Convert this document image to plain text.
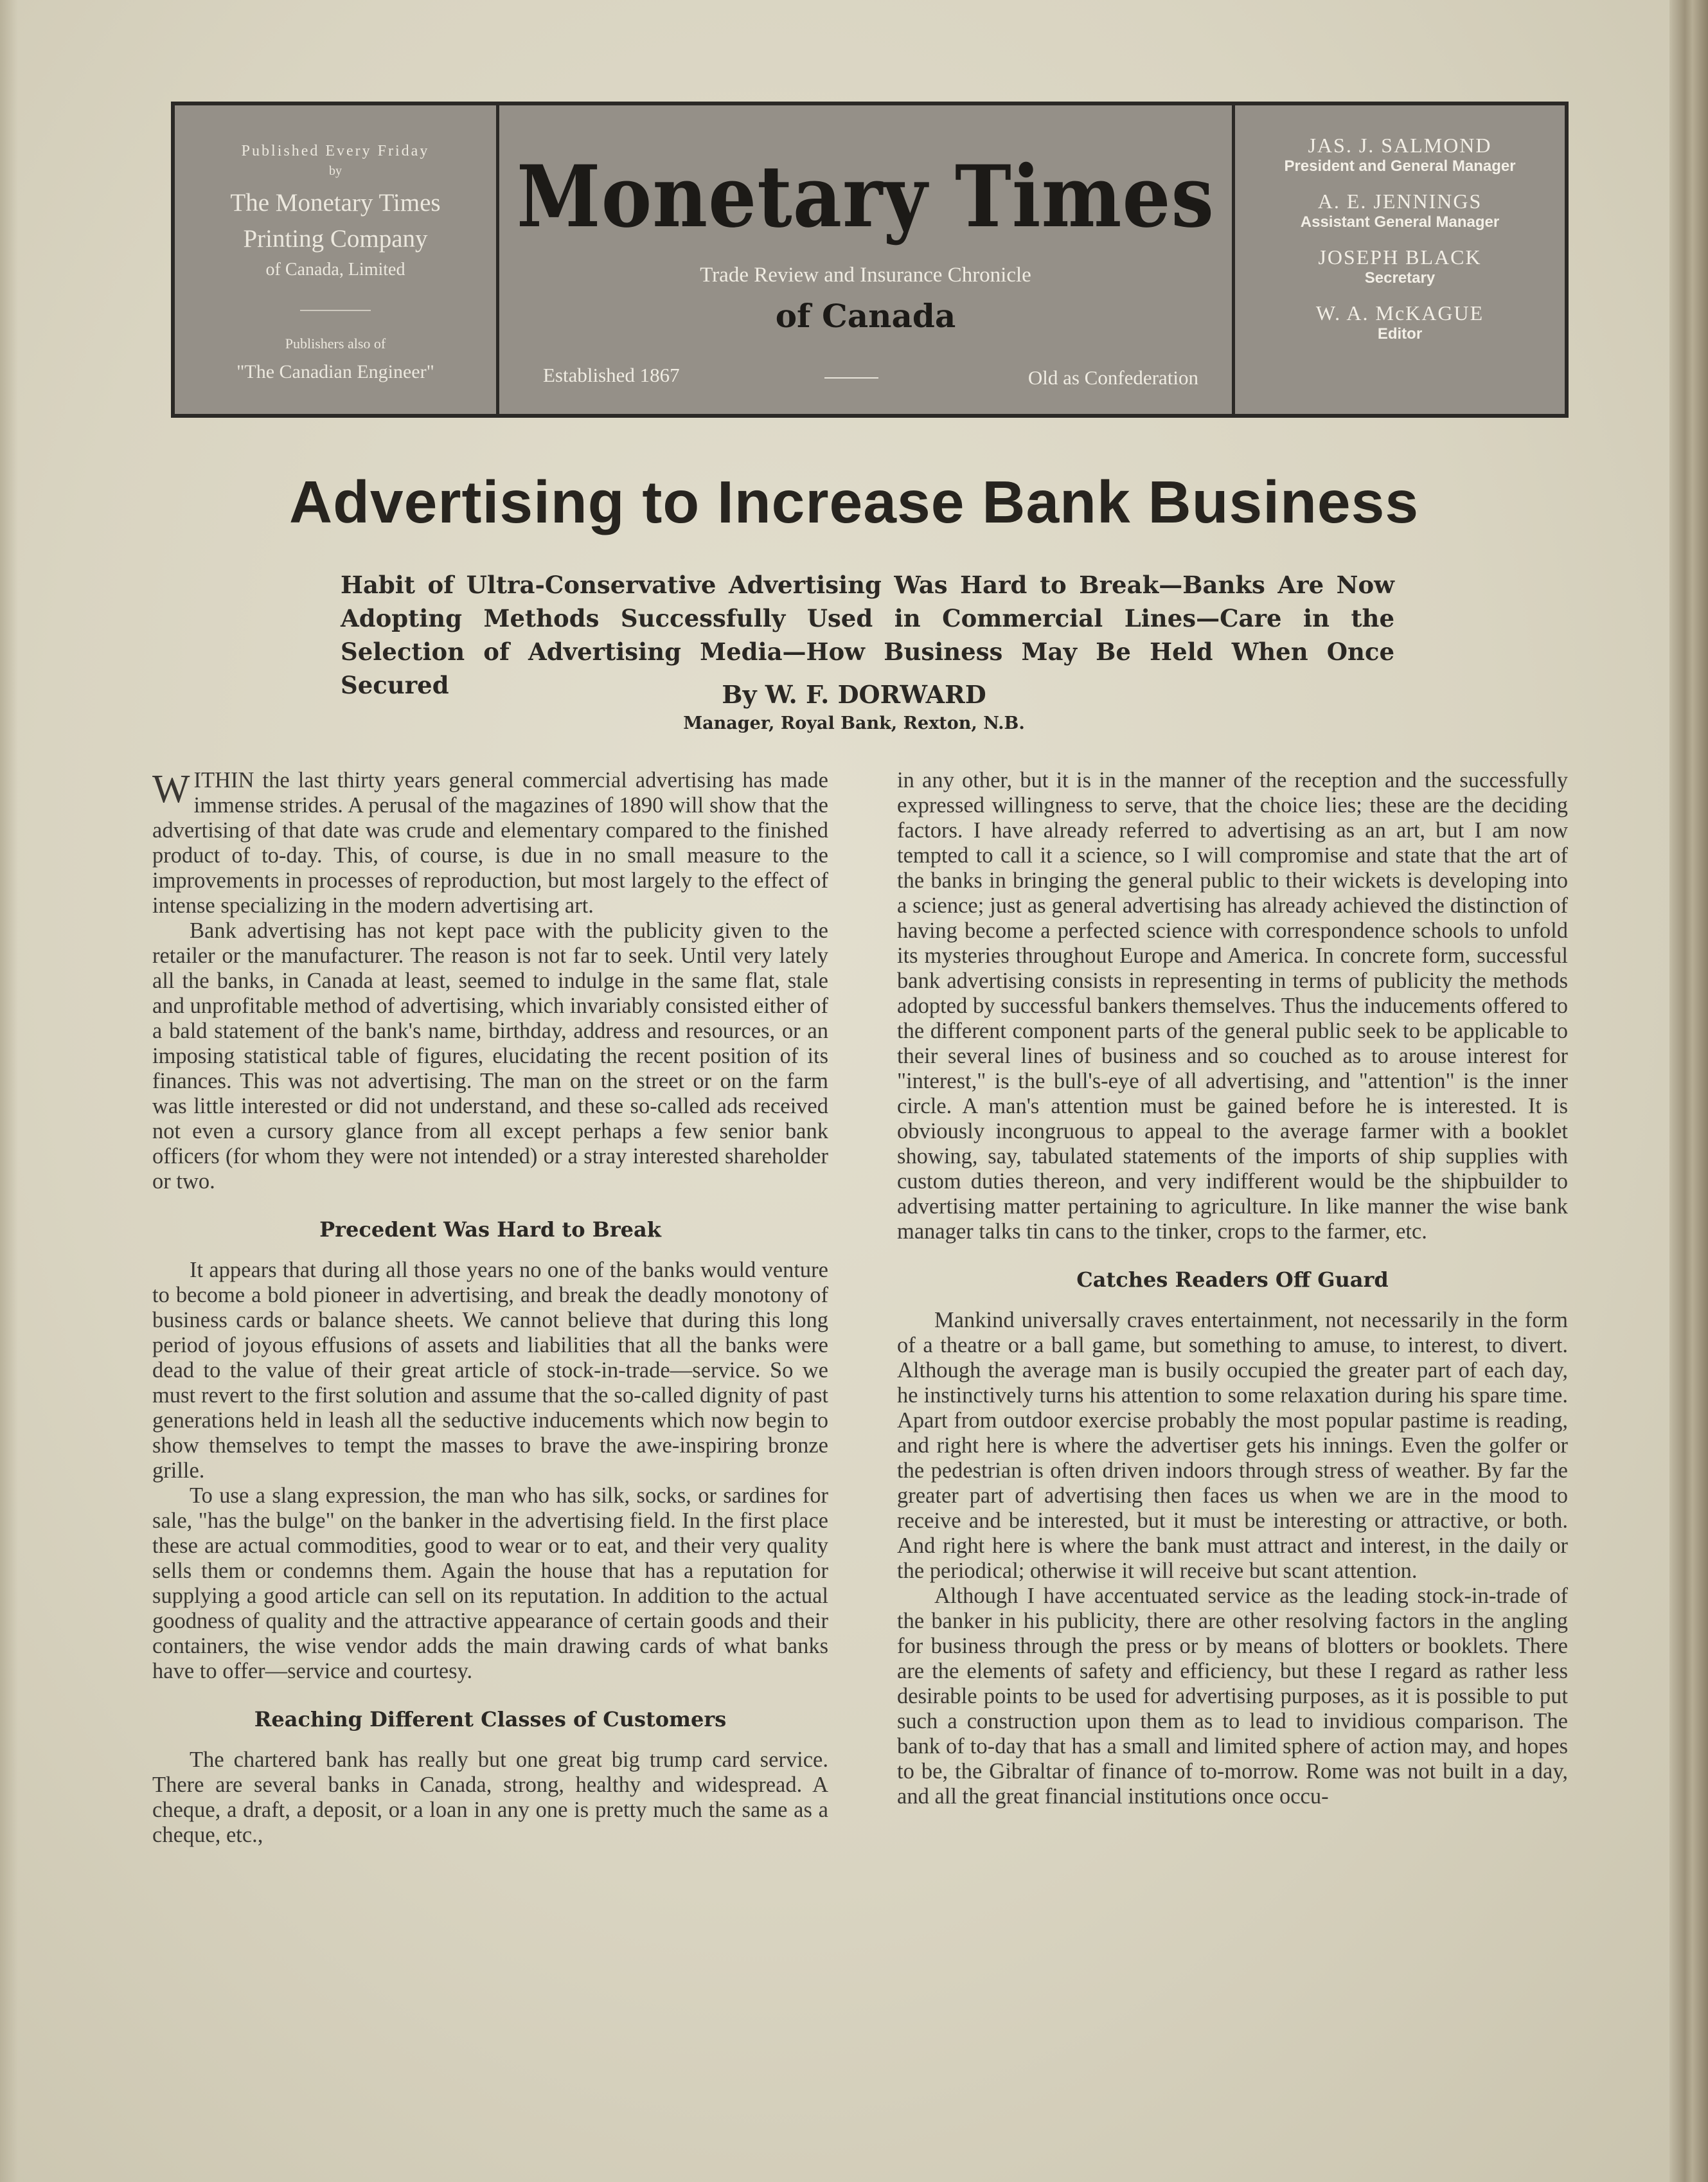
Published Every Friday
by
The Monetary Times
Printing Company
of Canada, Limited
Publishers also of
"The Canadian Engineer"
Monetary Times
Trade Review and Insurance Chronicle
of Canada
Established 1867	Old as Confederation
JAS. J. SALMOND
President and General Manager
A. E. JENNINGS
Assistant General Manager
JOSEPH BLACK
Secretary
W. A. McKAGUE
Editor
Advertising to Increase Bank Business
Habit of Ultra-Conservative Advertising Was Hard to Break—Banks Are Now Adopting Methods Successfully Used in Commercial Lines—Care in the Selection of Advertising Media—How Business May Be Held When Once Secured	By W. F. DORWARD
Manager, Royal Bank, Rexton, N.B.

WITHIN the last thirty years general commercial advertising has made immense strides. A perusal of the magazines of 1890 will show that the advertising of that date was crude and elementary compared to the finished product of to-day. This, of course, is due in no small measure to the improvements in processes of reproduction, but most largely to the effect of intense specializing in the modern advertising art.

Bank advertising has not kept pace with the publicity given to the retailer or the manufacturer. The reason is not far to seek. Until very lately all the banks, in Canada at least, seemed to indulge in the same flat, stale and unprofitable method of advertising, which invariably consisted either of a bald statement of the bank's name, birthday, address and resources, or an imposing statistical table of figures, elucidating the recent position of its finances. This was not advertising. The man on the street or on the farm was little interested or did not understand, and these so-called ads received not even a cursory glance from all except perhaps a few senior bank officers (for whom they were not intended) or a stray interested shareholder or two.

Precedent Was Hard to Break

It appears that during all those years no one of the banks would venture to become a bold pioneer in advertising, and break the deadly monotony of business cards or balance sheets. We cannot believe that during this long period of joyous effusions of assets and liabilities that all the banks were dead to the value of their great article of stock-in-trade—service. So we must revert to the first solution and assume that the so-called dignity of past generations held in leash all the seductive inducements which now begin to show themselves to tempt the masses to brave the awe-inspiring bronze grille.

To use a slang expression, the man who has silk, socks, or sardines for sale, "has the bulge" on the banker in the advertising field. In the first place these are actual commodities, good to wear or to eat, and their very quality sells them or condemns them. Again the house that has a reputation for supplying a good article can sell on its reputation. In addition to the actual goodness of quality and the attractive appearance of certain goods and their containers, the wise vendor adds the main drawing cards of what banks have to offer—service and courtesy.

Reaching Different Classes of Customers

The chartered bank has really but one great big trump card service. There are several banks in Canada, strong, healthy and widespread. A cheque, a draft, a deposit, or a loan in any one is pretty much the same as a cheque, etc.,

in any other, but it is in the manner of the reception and the successfully expressed willingness to serve, that the choice lies; these are the deciding factors. I have already referred to advertising as an art, but I am now tempted to call it a science, so I will compromise and state that the art of the banks in bringing the general public to their wickets is developing into a science; just as general advertising has already achieved the distinction of having become a perfected science with correspondence schools to unfold its mysteries throughout Europe and America. In concrete form, successful bank advertising consists in representing in terms of publicity the methods adopted by successful bankers themselves. Thus the inducements offered to the different component parts of the general public seek to be applicable to their several lines of business and so couched as to arouse interest for "interest," is the bull's-eye of all advertising, and "attention" is the inner circle. A man's attention must be gained before he is interested. It is obviously incongruous to appeal to the average farmer with a booklet showing, say, tabulated statements of the imports of ship supplies with custom duties thereon, and very indifferent would be the shipbuilder to advertising matter pertaining to agriculture. In like manner the wise bank manager talks tin cans to the tinker, crops to the farmer, etc.

Catches Readers Off Guard

Mankind universally craves entertainment, not necessarily in the form of a theatre or a ball game, but something to amuse, to interest, to divert. Although the average man is busily occupied the greater part of each day, he instinctively turns his attention to some relaxation during his spare time. Apart from outdoor exercise probably the most popular pastime is reading, and right here is where the advertiser gets his innings. Even the golfer or the pedestrian is often driven indoors through stress of weather. By far the greater part of advertising then faces us when we are in the mood to receive and be interested, but it must be interesting or attractive, or both. And right here is where the bank must attract and interest, in the daily or the periodical; otherwise it will receive but scant attention.

Although I have accentuated service as the leading stock-in-trade of the banker in his publicity, there are other resolving factors in the angling for business through the press or by means of blotters or booklets. There are the elements of safety and efficiency, but these I regard as rather less desirable points to be used for advertising purposes, as it is possible to put such a construction upon them as to lead to invidious comparison. The bank of to-day that has a small and limited sphere of action may, and hopes to be, the Gibraltar of finance of to-morrow. Rome was not built in a day, and all the great financial institutions once occu-
